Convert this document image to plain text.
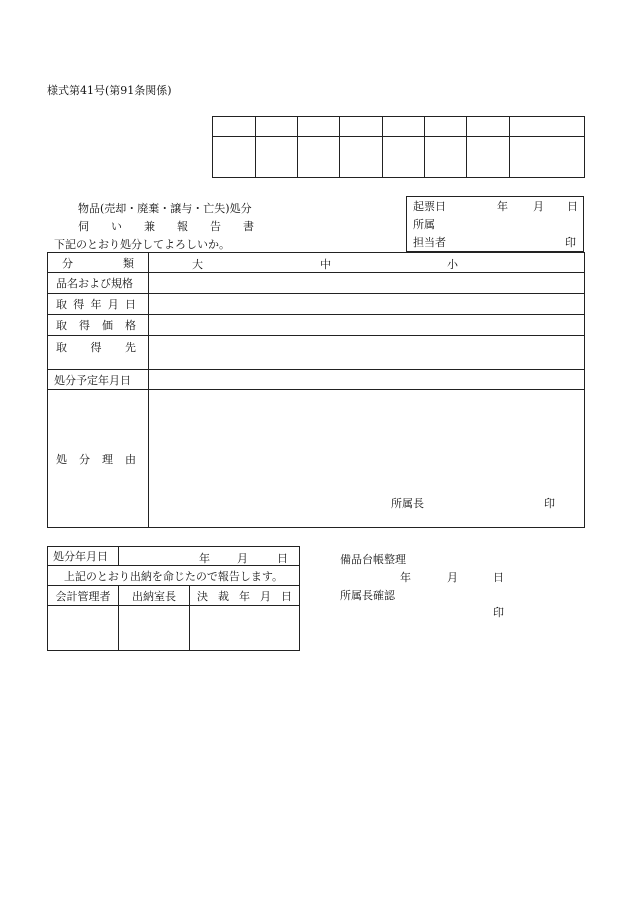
様式第41号(第91条関係)

物品(売却・廃棄・譲与・亡失)処分
伺 い 兼 報 告 書
下記のとおり処分してよろしいか。
起票日	年 月 日
所属
担当者	印
分 類	大 中 小

品名および規格	

取 得 年 月 日	

取 得 価 格	

取 得 先	

処分予定年月日	

処 分 理 由	所属長 印
処分年月日	年 月 日	

上記のとおり出納を命じたので報告します。		
会計管理者	出納室長	決 裁 年 月 日

備品台帳整理
年	月	日
所属長確認
印
